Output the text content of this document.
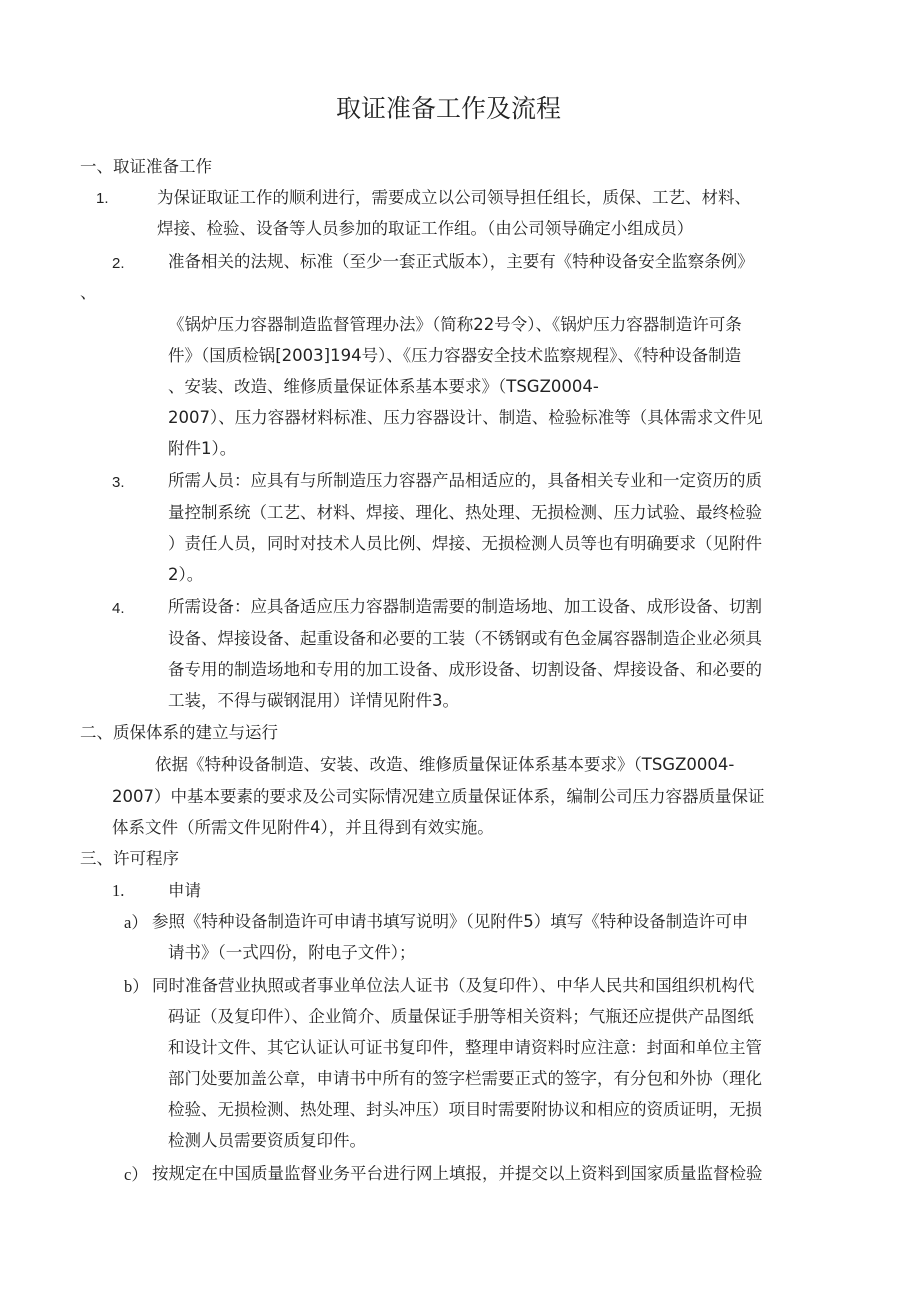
取证准备工作及流程
一、取证准备工作
1.	为保证取证工作的顺利进行，需要成立以公司领导担任组长，质保、工艺、材料、
焊接、检验、设备等人员参加的取证工作组。（由公司领导确定小组成员）
2.	准备相关的法规、标准（至少一套正式版本），主要有《特种设备安全监察条例》
、
《锅炉压力容器制造监督管理办法》（简称22号令）、《锅炉压力容器制造许可条
件》（国质检锅[2003]194号）、《压力容器安全技术监察规程》、《特种设备制造
、安装、改造、维修质量保证体系基本要求》（TSGZ0004-
2007）、压力容器材料标准、压力容器设计、制造、检验标准等（具体需求文件见
附件1）。
3.	所需人员：应具有与所制造压力容器产品相适应的，具备相关专业和一定资历的质
量控制系统（工艺、材料、焊接、理化、热处理、无损检测、压力试验、最终检验
）责任人员，同时对技术人员比例、焊接、无损检测人员等也有明确要求（见附件
2）。
4.	所需设备：应具备适应压力容器制造需要的制造场地、加工设备、成形设备、切割
设备、焊接设备、起重设备和必要的工装（不锈钢或有色金属容器制造企业必须具
备专用的制造场地和专用的加工设备、成形设备、切割设备、焊接设备、和必要的
工装，不得与碳钢混用）详情见附件3。
二、质保体系的建立与运行
依据《特种设备制造、安装、改造、维修质量保证体系基本要求》（TSGZ0004-
2007）中基本要素的要求及公司实际情况建立质量保证体系，编制公司压力容器质量保证
体系文件（所需文件见附件4），并且得到有效实施。
三、许可程序
1.	申请
a） 参照《特种设备制造许可申请书填写说明》（见附件5）填写《特种设备制造许可申
请书》（一式四份，附电子文件）；
b） 同时准备营业执照或者事业单位法人证书（及复印件）、中华人民共和国组织机构代
码证（及复印件）、企业简介、质量保证手册等相关资料；气瓶还应提供产品图纸
和设计文件、其它认证认可证书复印件，整理申请资料时应注意：封面和单位主管
部门处要加盖公章，申请书中所有的签字栏需要正式的签字，有分包和外协（理化
检验、无损检测、热处理、封头冲压）项目时需要附协议和相应的资质证明，无损
检测人员需要资质复印件。
c） 按规定在中国质量监督业务平台进行网上填报，并提交以上资料到国家质量监督检验
